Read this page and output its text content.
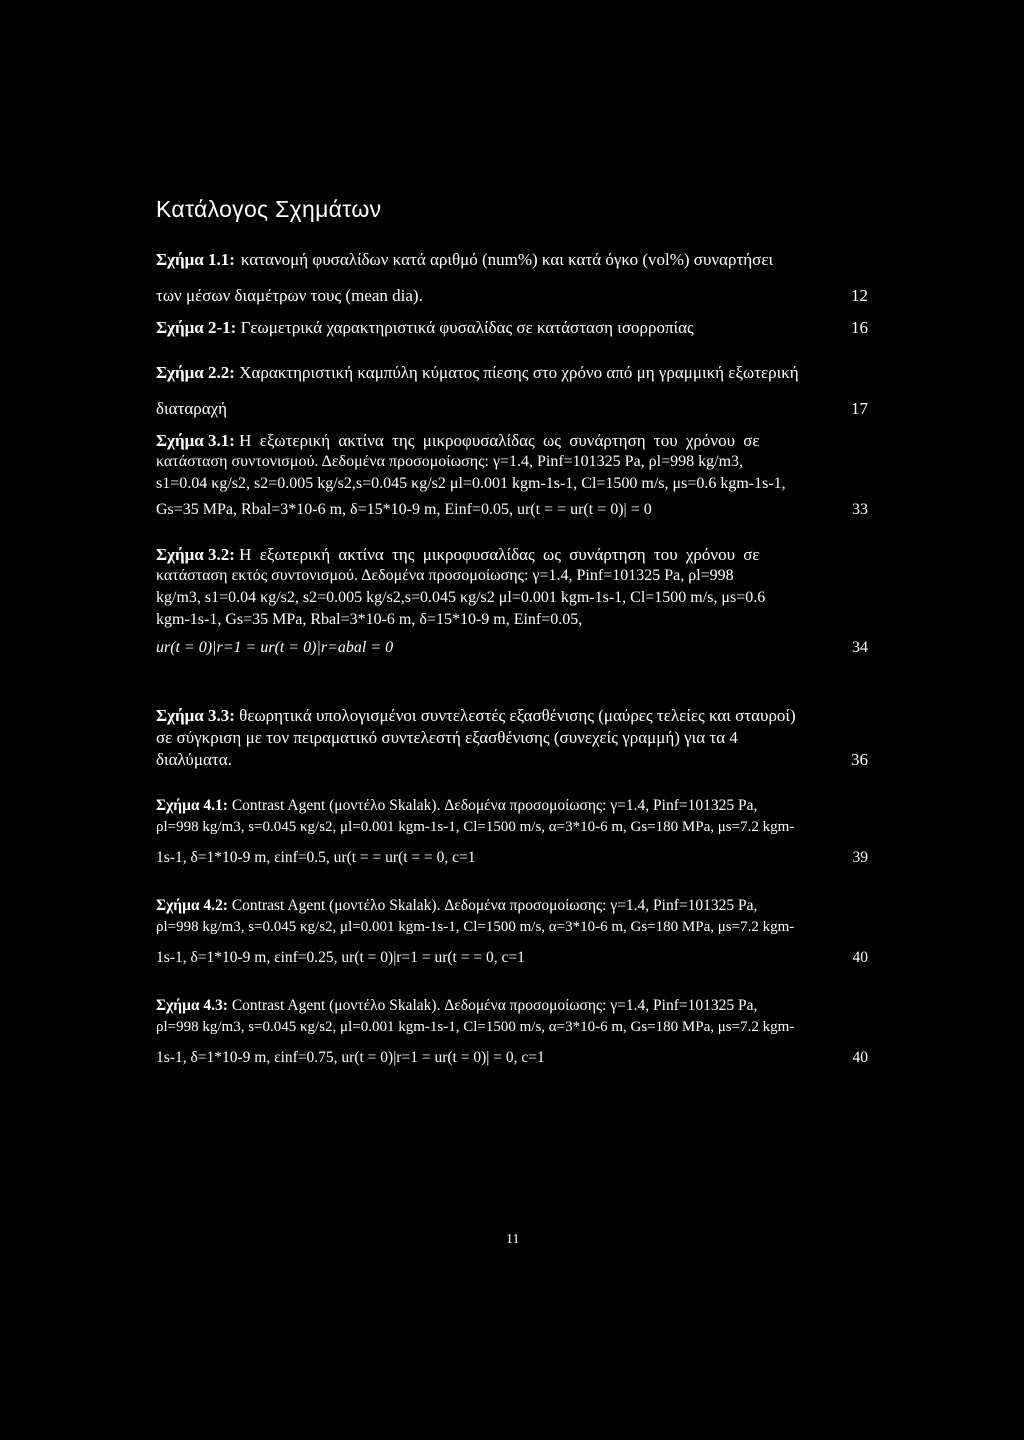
Κατάλογος Σχημάτων
Σχήμα 1.1: κατανομή φυσαλίδων κατά αριθμό (num%) και κατά όγκο (vol%) συναρτήσει
των μέσων διαμέτρων τους (mean dia).	12
Σχήμα 2-1: Γεωμετρικά χαρακτηριστικά φυσαλίδας σε κατάσταση ισορροπίας	16
Σχήμα 2.2: Χαρακτηριστική καμπύλη κύματος πίεσης στο χρόνο από μη γραμμική εξωτερική
διαταραχή	17
Σχήμα 3.1: Η εξωτερική ακτίνα της μικροφυσαλίδας ως συνάρτηση του χρόνου σε
κατάσταση συντονισμού. Δεδομένα προσομοίωσης: γ=1.4, Pinf=101325 Pa, ρl=998 kg/m3,
s1=0.04 κg/s2, s2=0.005 kg/s2,s=0.045 κg/s2 μl=0.001 kgm-1s-1, Cl=1500 m/s, μs=0.6 kgm-1s-1,
Gs=35 MPa, Rbal=3*10-6 m, δ=15*10-9 m, Einf=0.05, ur(t = = ur(t = 0)| = 0	33
Σχήμα 3.2: Η εξωτερική ακτίνα της μικροφυσαλίδας ως συνάρτηση του χρόνου σε
κατάσταση εκτός συντονισμού. Δεδομένα προσομοίωσης: γ=1.4, Pinf=101325 Pa, ρl=998
kg/m3, s1=0.04 κg/s2, s2=0.005 kg/s2,s=0.045 κg/s2 μl=0.001 kgm-1s-1, Cl=1500 m/s, μs=0.6
kgm-1s-1, Gs=35 MPa, Rbal=3*10-6 m, δ=15*10-9 m, Einf=0.05,
ur(t = 0)|r=1 = ur(t = 0)|r=abal = 0	34
Σχήμα 3.3: θεωρητικά υπολογισμένοι συντελεστές εξασθένισης (μαύρες τελείες και σταυροί)
σε σύγκριση με τον πειραματικό συντελεστή εξασθένισης (συνεχείς γραμμή) για τα 4
διαλύματα.	36
Σχήμα 4.1: Contrast Agent (μοντέλο Skalak). Δεδομένα προσομοίωσης: γ=1.4, Pinf=101325 Pa,
ρl=998 kg/m3, s=0.045 κg/s2, μl=0.001 kgm-1s-1, Cl=1500 m/s, α=3*10-6 m, Gs=180 MPa, μs=7.2 kgm-
1s-1, δ=1*10-9 m, εinf=0.5, ur(t = = ur(t = = 0, c=1	39
Σχήμα 4.2: Contrast Agent (μοντέλο Skalak). Δεδομένα προσομοίωσης: γ=1.4, Pinf=101325 Pa,
ρl=998 kg/m3, s=0.045 κg/s2, μl=0.001 kgm-1s-1, Cl=1500 m/s, α=3*10-6 m, Gs=180 MPa, μs=7.2 kgm-
1s-1, δ=1*10-9 m, εinf=0.25, ur(t = 0)|r=1 = ur(t = = 0, c=1	40
Σχήμα 4.3: Contrast Agent (μοντέλο Skalak). Δεδομένα προσομοίωσης: γ=1.4, Pinf=101325 Pa,
ρl=998 kg/m3, s=0.045 κg/s2, μl=0.001 kgm-1s-1, Cl=1500 m/s, α=3*10-6 m, Gs=180 MPa, μs=7.2 kgm-
1s-1, δ=1*10-9 m, εinf=0.75, ur(t = 0)|r=1 = ur(t = 0)| = 0, c=1	40
11
